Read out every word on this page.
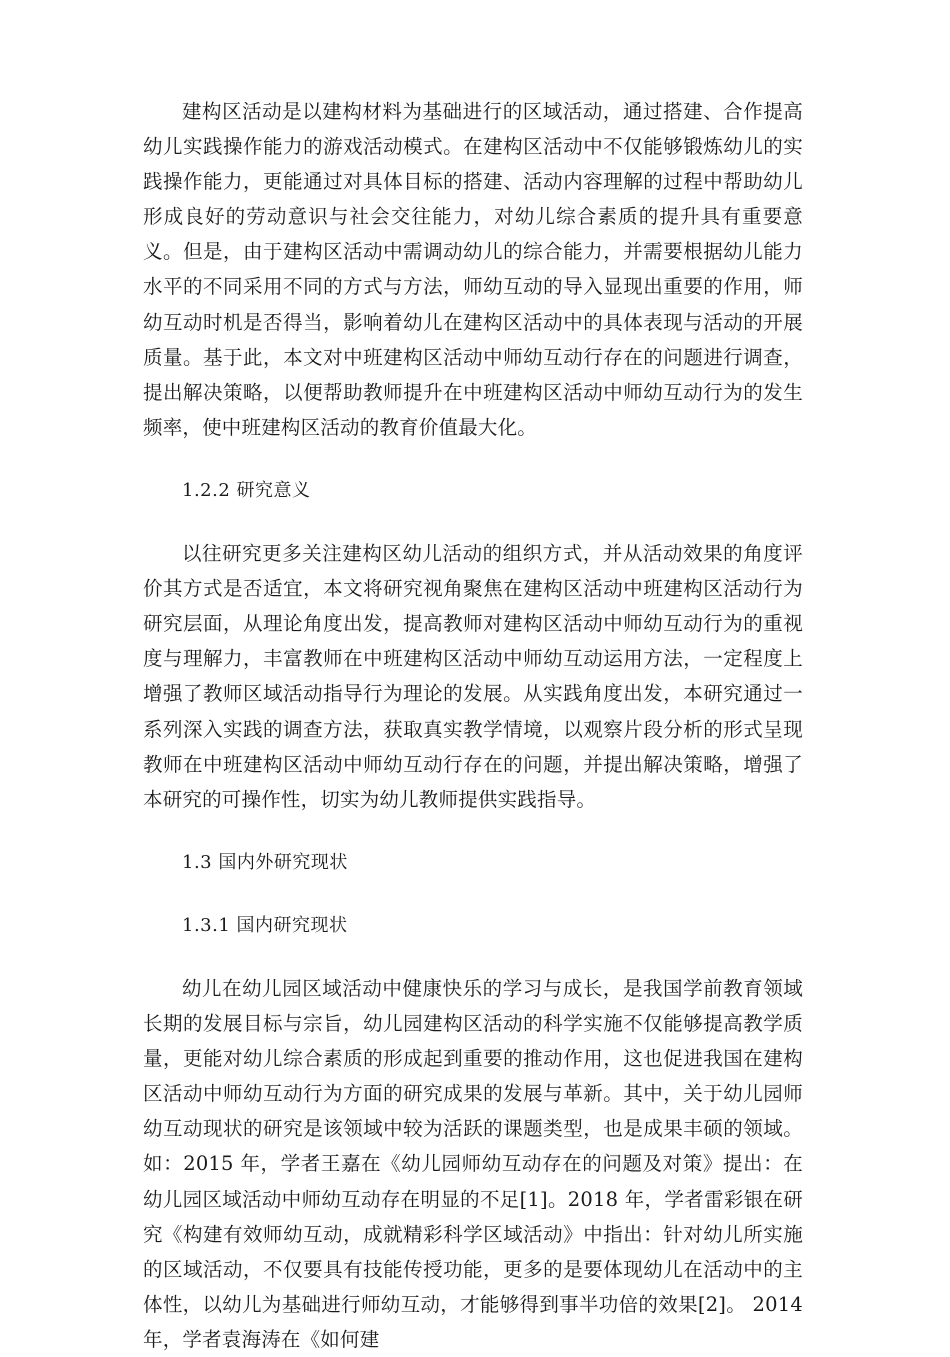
建构区活动是以建构材料为基础进行的区域活动，通过搭建、合作提高幼儿实践操作能力的游戏活动模式。在建构区活动中不仅能够锻炼幼儿的实践操作能力，更能通过对具体目标的搭建、活动内容理解的过程中帮助幼儿形成良好的劳动意识与社会交往能力，对幼儿综合素质的提升具有重要意义。但是，由于建构区活动中需调动幼儿的综合能力，并需要根据幼儿能力水平的不同采用不同的方式与方法，师幼互动的导入显现出重要的作用，师幼互动时机是否得当，影响着幼儿在建构区活动中的具体表现与活动的开展质量。基于此，本文对中班建构区活动中师幼互动行存在的问题进行调查，提出解决策略，以便帮助教师提升在中班建构区活动中师幼互动行为的发生频率，使中班建构区活动的教育价值最大化。

1.2.2 研究意义

以往研究更多关注建构区幼儿活动的组织方式，并从活动效果的角度评价其方式是否适宜，本文将研究视角聚焦在建构区活动中班建构区活动行为研究层面，从理论角度出发，提高教师对建构区活动中师幼互动行为的重视度与理解力，丰富教师在中班建构区活动中师幼互动运用方法，一定程度上增强了教师区域活动指导行为理论的发展。从实践角度出发，本研究通过一系列深入实践的调查方法，获取真实教学情境，以观察片段分析的形式呈现教师在中班建构区活动中师幼互动行存在的问题，并提出解决策略，增强了本研究的可操作性，切实为幼儿教师提供实践指导。

1.3 国内外研究现状
1.3.1 国内研究现状

幼儿在幼儿园区域活动中健康快乐的学习与成长，是我国学前教育领域长期的发展目标与宗旨，幼儿园建构区活动的科学实施不仅能够提高教学质量，更能对幼儿综合素质的形成起到重要的推动作用，这也促进我国在建构区活动中师幼互动行为方面的研究成果的发展与革新。其中，关于幼儿园师幼互动现状的研究是该领域中较为活跃的课题类型，也是成果丰硕的领域。如：2015 年，学者王嘉在《幼儿园师幼互动存在的问题及对策》提出：在幼儿园区域活动中师幼互动存在明显的不足[1]。2018 年，学者雷彩银在研究《构建有效师幼互动，成就精彩科学区域活动》中指出：针对幼儿所实施的区域活动，不仅要具有技能传授功能，更多的是要体现幼儿在活动中的主体性，以幼儿为基础进行师幼互动，才能够得到事半功倍的效果[2]。 2014 年，学者袁海涛在《如何建
